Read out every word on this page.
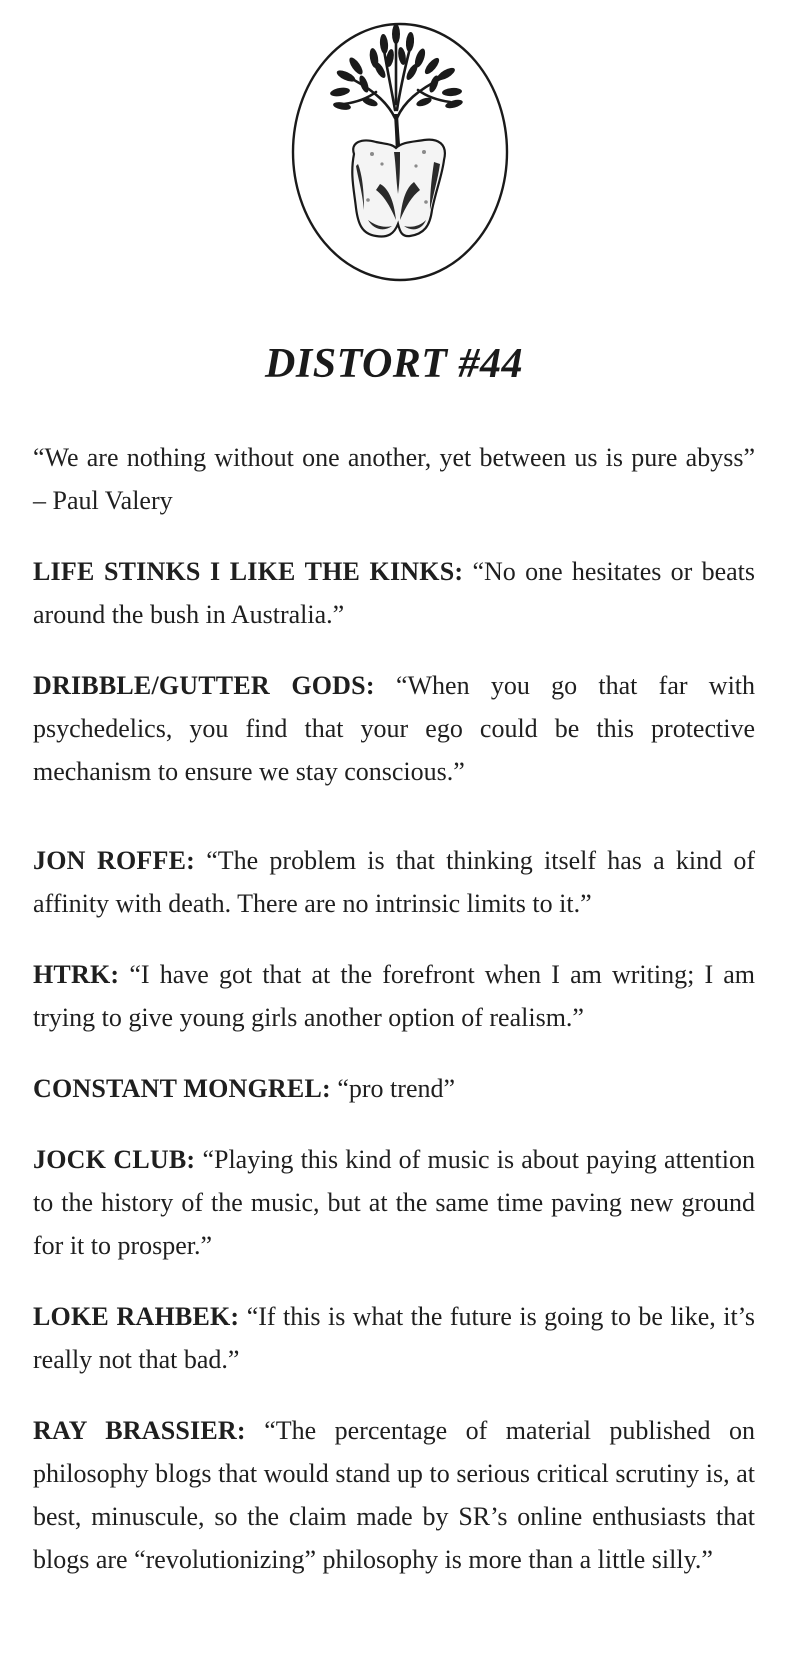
DISTORT #44

“We are nothing without one another, yet between us is pure abyss” – Paul Valery

LIFE STINKS I LIKE THE KINKS: “No one hesitates or beats around the bush in Australia.”

DRIBBLE/GUTTER GODS: “When you go that far with psychedelics, you find that your ego could be this protective mechanism to ensure we stay conscious.”

JON ROFFE: “The problem is that thinking itself has a kind of affinity with death. There are no intrinsic limits to it.”

HTRK: “I have got that at the forefront when I am writing; I am trying to give young girls another option of realism.”

CONSTANT MONGREL: “pro trend”

JOCK CLUB: “Playing this kind of music is about paying attention to the history of the music, but at the same time paving new ground for it to prosper.”

LOKE RAHBEK: “If this is what the future is going to be like, it’s really not that bad.”

RAY BRASSIER: “The percentage of material published on philosophy blogs that would stand up to serious critical scrutiny is, at best, minuscule, so the claim made by SR’s online enthusiasts that blogs are “revolutionizing” philosophy is more than a little silly.”
